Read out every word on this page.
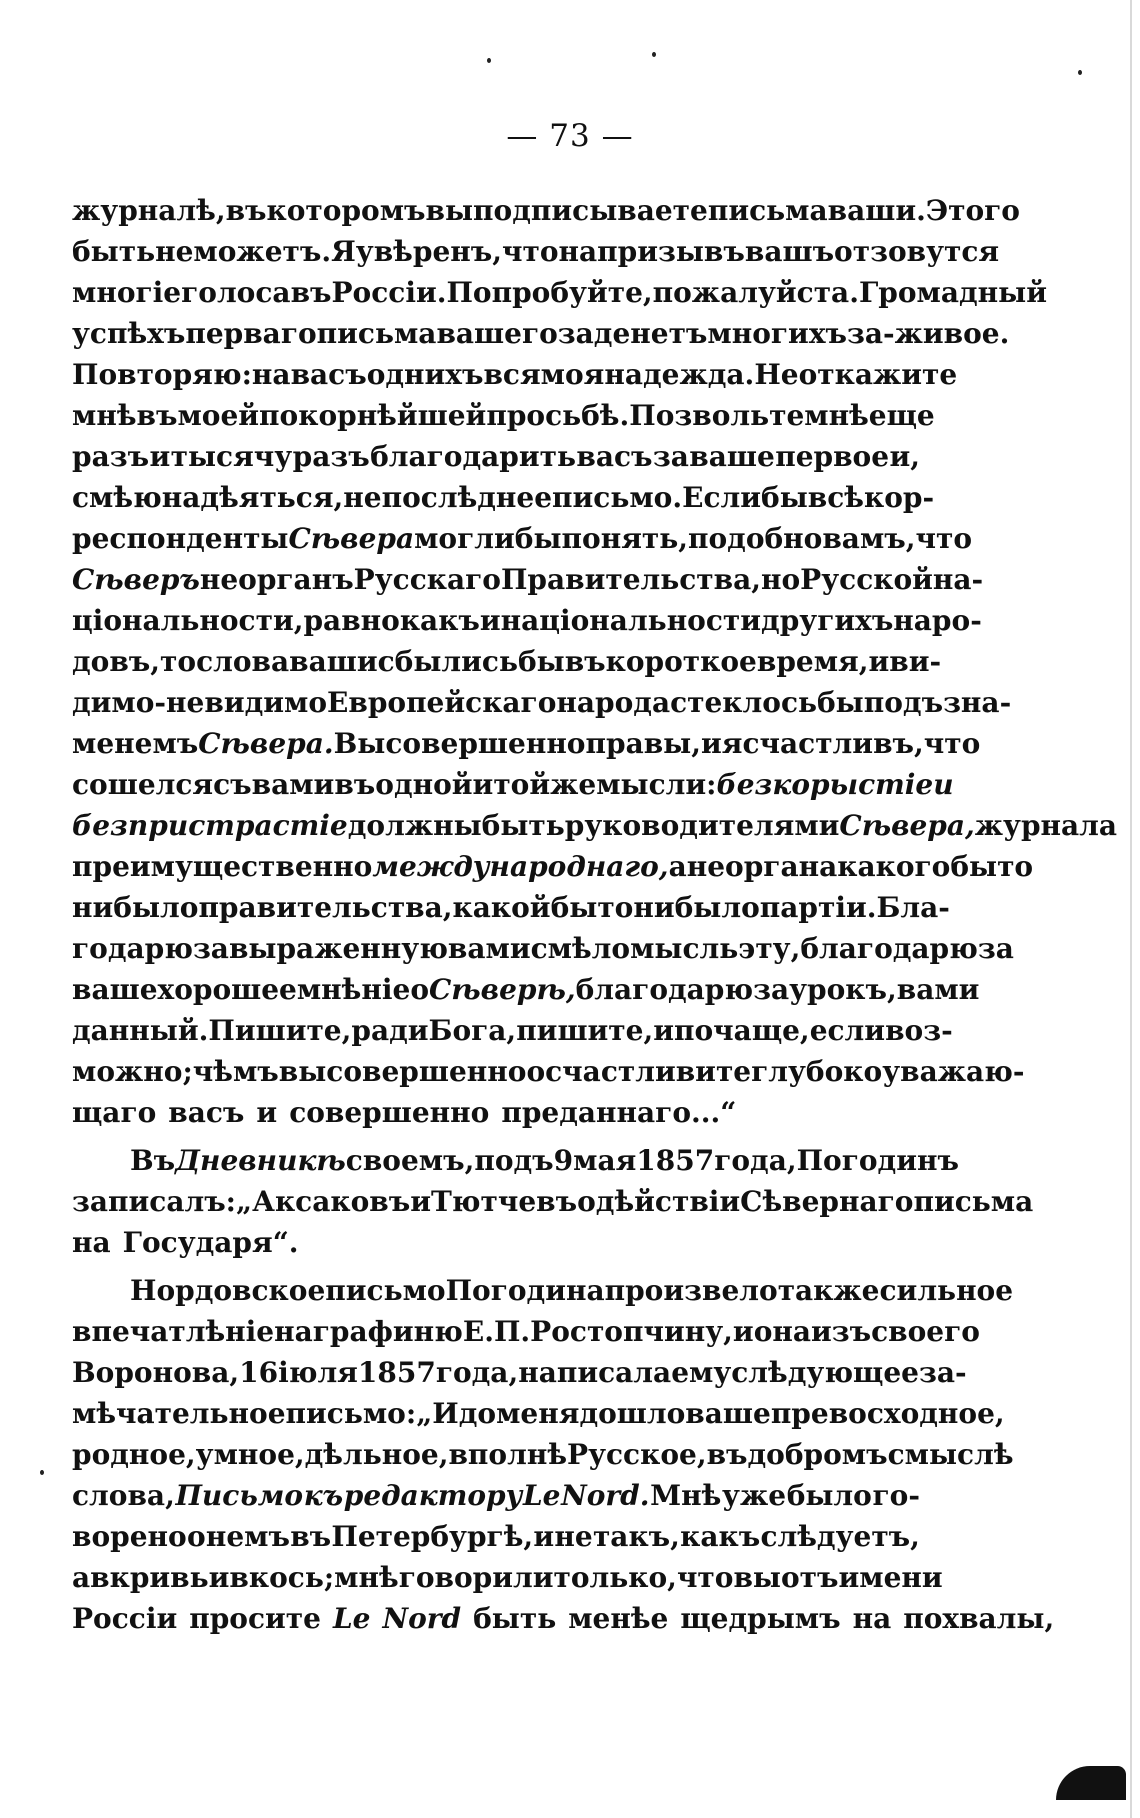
— 73 —
журналѣ, въ которомъ вы подписываете письма ваши. Этого
быть не можетъ. Я увѣренъ, что на призывъ вашъ отзовутся
многіе голоса въ Россіи. Попробуйте, пожалуйста. Громадный
успѣхъ перваго письма вашего заденетъ многихъ за-живое.
Повторяю: на васъ однихъ вся моя надежда. Не откажите
мнѣ въ моей покорнѣйшей просьбѣ. Позвольте мнѣ еще
разъ и тысячу разъ благодарить васъ за ваше первое и,
смѣю надѣяться, не послѣднее письмо. Если бы всѣ кор-
респонденты Сѣвера могли бы понять, подобно вамъ, что
Сѣверъ не органъ Русскаго Правительства, но Русской на-
ціональности, равно какъ и національности другихъ наро-
довъ, то слова ваши сбылись бы въ короткое время, и ви-
димо-невидимо Европейскаго народа стеклось бы подъ зна-
менемъ Сѣвера. Вы совершенно правы, и я счастливъ, что
сошелся съ вами въ одной и той же мысли: безкорыстіе и
безпристрастіе должны быть руководителями Сѣвера, журнала
преимущественно международнаго, а не органа какого бы то
ни было правительства, какой бы то ни было партіи. Бла-
годарю за выраженную вами смѣло мысль эту, благодарю за
ваше хорошее мнѣніе о Сѣверѣ, благодарю за урокъ, вами
данный. Пишите, ради Бога, пишите, и почаще, если воз-
можно; чѣмъ вы совершенно осчастливите глубоко уважаю-
щаго васъ и совершенно преданнаго...“
Въ Дневникѣ своемъ, подъ 9 мая 1857 года, Погодинъ
записалъ: „Аксаковъ и Тютчевъ о дѣйствіи Сѣвернаго письма
на Государя“.
Нордовское письмо Погодина произвело также сильное
впечатлѣніе на графиню Е. П. Ростопчину, и она изъ своего
Воронова, 16 іюля 1857 года, написала ему слѣдующее за-
мѣчательное письмо: „И до меня дошло ваше превосходное,
родное, умное, дѣльное, вполнѣ Русское, въ добромъ смыслѣ
слова, Письмо къ редактору Le Nord. Мнѣ уже было го-
ворено о немъ въ Петербургѣ, и не такъ, какъ слѣдуетъ,
а вкривь и вкось; мнѣ говорили только, что вы отъ имени
Россіи просите Le Nord быть менѣе щедрымъ на похвалы,
